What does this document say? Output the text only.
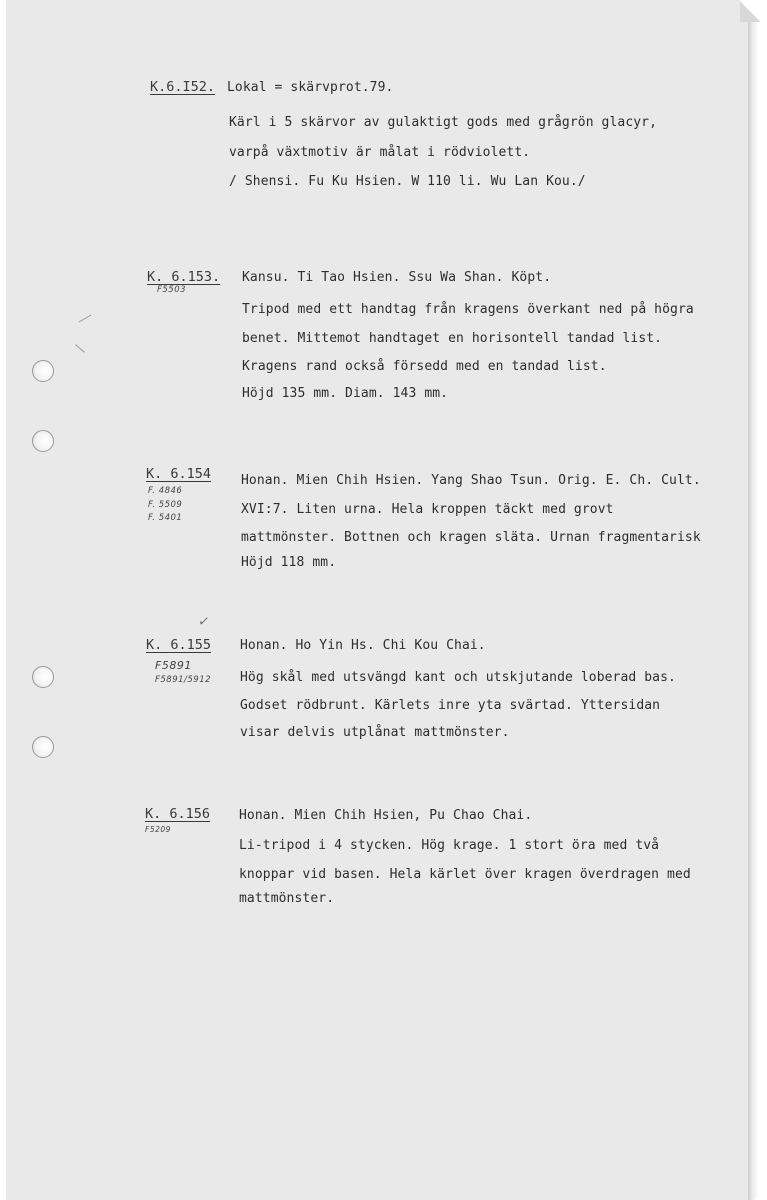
K.6.I52. Lokal = skärvprot.79.
Kärl i 5 skärvor av gulaktigt gods med grågrön glacyr,
varpå växtmotiv är målat i rödviolett.
/ Shensi. Fu Ku Hsien. W 110 li. Wu Lan Kou./
K. 6.153.
F5503
Kansu. Ti Tao Hsien. Ssu Wa Shan. Köpt.
Tripod med ett handtag från kragens överkant ned på högra
benet. Mittemot handtaget en horisontell tandad list.
Kragens rand också försedd med en tandad list.
Höjd 135 mm. Diam. 143 mm.
K. 6.154
F. 4846
F. 5509
F. 5401
Honan. Mien Chih Hsien. Yang Shao Tsun. Orig. E. Ch. Cult.
XVI:7. Liten urna. Hela kroppen täckt med grovt
mattmönster. Bottnen och kragen släta. Urnan fragmentarisk
Höjd 118 mm.
✓
K. 6.155
F5891
F5891/5912
Honan. Ho Yin Hs. Chi Kou Chai.
Hög skål med utsvängd kant och utskjutande loberad bas.
Godset rödbrunt. Kärlets inre yta svärtad. Yttersidan
visar delvis utplånat mattmönster.
K. 6.156
F5209
Honan. Mien Chih Hsien, Pu Chao Chai.
Li-tripod i 4 stycken. Hög krage. 1 stort öra med två
knoppar vid basen. Hela kärlet över kragen överdragen med
mattmönster.
